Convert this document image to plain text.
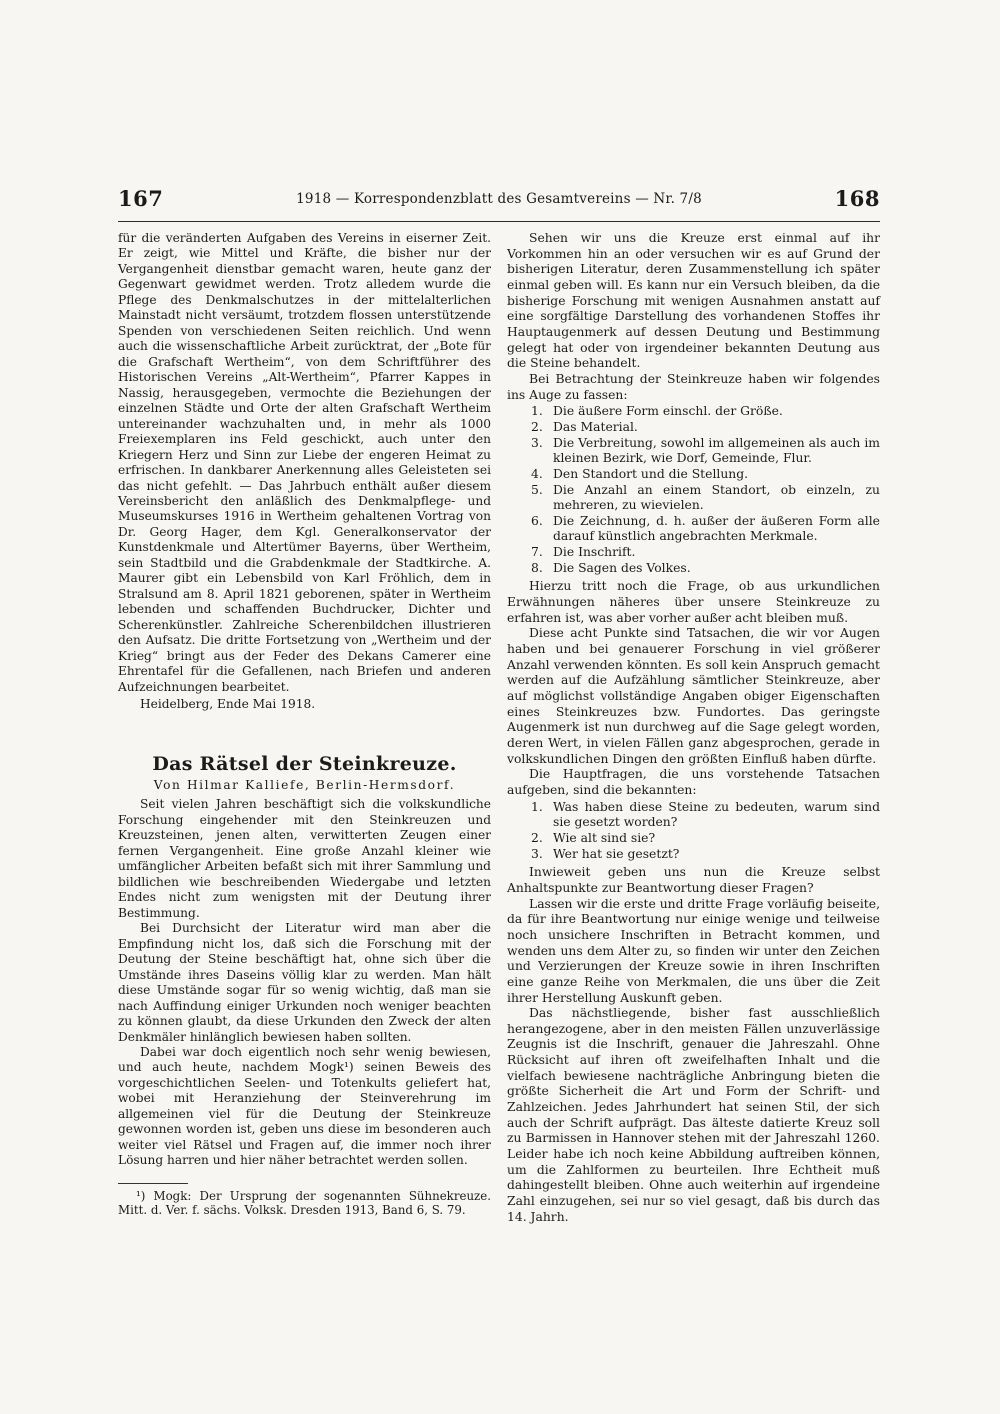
167	1918 — Korrespondenzblatt des Gesamtvereins — Nr. 7/8	168

für die veränderten Aufgaben des Vereins in eiserner Zeit. Er zeigt, wie Mittel und Kräfte, die bisher nur der Vergangenheit dienstbar gemacht waren, heute ganz der Gegenwart gewidmet werden. Trotz alledem wurde die Pflege des Denkmalschutzes in der mittelalterlichen Mainstadt nicht versäumt, trotzdem flossen unterstützende Spenden von verschiedenen Seiten reichlich. Und wenn auch die wissenschaftliche Arbeit zurücktrat, der „Bote für die Grafschaft Wertheim“, von dem Schriftführer des Historischen Vereins „Alt-Wertheim“, Pfarrer Kappes in Nassig, herausgegeben, vermochte die Beziehungen der einzelnen Städte und Orte der alten Grafschaft Wertheim untereinander wachzuhalten und, in mehr als 1000 Freiexemplaren ins Feld geschickt, auch unter den Kriegern Herz und Sinn zur Liebe der engeren Heimat zu erfrischen. In dankbarer Anerkennung alles Geleisteten sei das nicht gefehlt. — Das Jahrbuch enthält außer diesem Vereinsbericht den anläßlich des Denkmalpflege- und Museumskurses 1916 in Wertheim gehaltenen Vortrag von Dr. Georg Hager, dem Kgl. Generalkonservator der Kunstdenkmale und Altertümer Bayerns, über Wertheim, sein Stadtbild und die Grabdenkmale der Stadtkirche. A. Maurer gibt ein Lebensbild von Karl Fröhlich, dem in Stralsund am 8. April 1821 geborenen, später in Wertheim lebenden und schaffenden Buchdrucker, Dichter und Scherenkünstler. Zahlreiche Scherenbildchen illustrieren den Aufsatz. Die dritte Fortsetzung von „Wertheim und der Krieg“ bringt aus der Feder des Dekans Camerer eine Ehrentafel für die Gefallenen, nach Briefen und anderen Aufzeichnungen bearbeitet.

Heidelberg, Ende Mai 1918.

Das Rätsel der Steinkreuze.

Von Hilmar Kalliefe, Berlin-Hermsdorf.

Seit vielen Jahren beschäftigt sich die volkskundliche Forschung eingehender mit den Steinkreuzen und Kreuzsteinen, jenen alten, verwitterten Zeugen einer fernen Vergangenheit. Eine große Anzahl kleiner wie umfänglicher Arbeiten befaßt sich mit ihrer Sammlung und bildlichen wie beschreibenden Wiedergabe und letzten Endes nicht zum wenigsten mit der Deutung ihrer Bestimmung.

Bei Durchsicht der Literatur wird man aber die Empfindung nicht los, daß sich die Forschung mit der Deutung der Steine beschäftigt hat, ohne sich über die Umstände ihres Daseins völlig klar zu werden. Man hält diese Umstände sogar für so wenig wichtig, daß man sie nach Auffindung einiger Urkunden noch weniger beachten zu können glaubt, da diese Urkunden den Zweck der alten Denkmäler hinlänglich bewiesen haben sollten.

Dabei war doch eigentlich noch sehr wenig bewiesen, und auch heute, nachdem Mogk¹) seinen Beweis des vorgeschichtlichen Seelen- und Totenkults geliefert hat, wobei mit Heranziehung der Steinverehrung im allgemeinen viel für die Deutung der Steinkreuze gewonnen worden ist, geben uns diese im besonderen auch weiter viel Rätsel und Fragen auf, die immer noch ihrer Lösung harren und hier näher betrachtet werden sollen.

¹) Mogk: Der Ursprung der sogenannten Sühnekreuze. Mitt. d. Ver. f. sächs. Volksk. Dresden 1913, Band 6, S. 79.

Sehen wir uns die Kreuze erst einmal auf ihr Vorkommen hin an oder versuchen wir es auf Grund der bisherigen Literatur, deren Zusammenstellung ich später einmal geben will. Es kann nur ein Versuch bleiben, da die bisherige Forschung mit wenigen Ausnahmen anstatt auf eine sorgfältige Darstellung des vorhandenen Stoffes ihr Hauptaugenmerk auf dessen Deutung und Bestimmung gelegt hat oder von irgendeiner bekannten Deutung aus die Steine behandelt.

Bei Betrachtung der Steinkreuze haben wir folgendes ins Auge zu fassen:

1. Die äußere Form einschl. der Größe.
2. Das Material.
3. Die Verbreitung, sowohl im allgemeinen als auch im kleinen Bezirk, wie Dorf, Gemeinde, Flur.
4. Den Standort und die Stellung.
5. Die Anzahl an einem Standort, ob einzeln, zu mehreren, zu wievielen.
6. Die Zeichnung, d. h. außer der äußeren Form alle darauf künstlich angebrachten Merkmale.
7. Die Inschrift.
8. Die Sagen des Volkes.

Hierzu tritt noch die Frage, ob aus urkundlichen Erwähnungen näheres über unsere Steinkreuze zu erfahren ist, was aber vorher außer acht bleiben muß.

Diese acht Punkte sind Tatsachen, die wir vor Augen haben und bei genauerer Forschung in viel größerer Anzahl verwenden könnten. Es soll kein Anspruch gemacht werden auf die Aufzählung sämtlicher Steinkreuze, aber auf möglichst vollständige Angaben obiger Eigenschaften eines Steinkreuzes bzw. Fundortes. Das geringste Augenmerk ist nun durchweg auf die Sage gelegt worden, deren Wert, in vielen Fällen ganz abgesprochen, gerade in volkskundlichen Dingen den größten Einfluß haben dürfte.

Die Hauptfragen, die uns vorstehende Tatsachen aufgeben, sind die bekannten:

1. Was haben diese Steine zu bedeuten, warum sind sie gesetzt worden?
2. Wie alt sind sie?
3. Wer hat sie gesetzt?

Inwieweit geben uns nun die Kreuze selbst Anhaltspunkte zur Beantwortung dieser Fragen?

Lassen wir die erste und dritte Frage vorläufig beiseite, da für ihre Beantwortung nur einige wenige und teilweise noch unsichere Inschriften in Betracht kommen, und wenden uns dem Alter zu, so finden wir unter den Zeichen und Verzierungen der Kreuze sowie in ihren Inschriften eine ganze Reihe von Merkmalen, die uns über die Zeit ihrer Herstellung Auskunft geben.

Das nächstliegende, bisher fast ausschließlich herangezogene, aber in den meisten Fällen unzuverlässige Zeugnis ist die Inschrift, genauer die Jahreszahl. Ohne Rücksicht auf ihren oft zweifelhaften Inhalt und die vielfach bewiesene nachträgliche Anbringung bieten die größte Sicherheit die Art und Form der Schrift- und Zahlzeichen. Jedes Jahrhundert hat seinen Stil, der sich auch der Schrift aufprägt. Das älteste datierte Kreuz soll zu Barmissen in Hannover stehen mit der Jahreszahl 1260. Leider habe ich noch keine Abbildung auftreiben können, um die Zahlformen zu beurteilen. Ihre Echtheit muß dahingestellt bleiben. Ohne auch weiterhin auf irgendeine Zahl einzugehen, sei nur so viel gesagt, daß bis durch das 14. Jahrh.
